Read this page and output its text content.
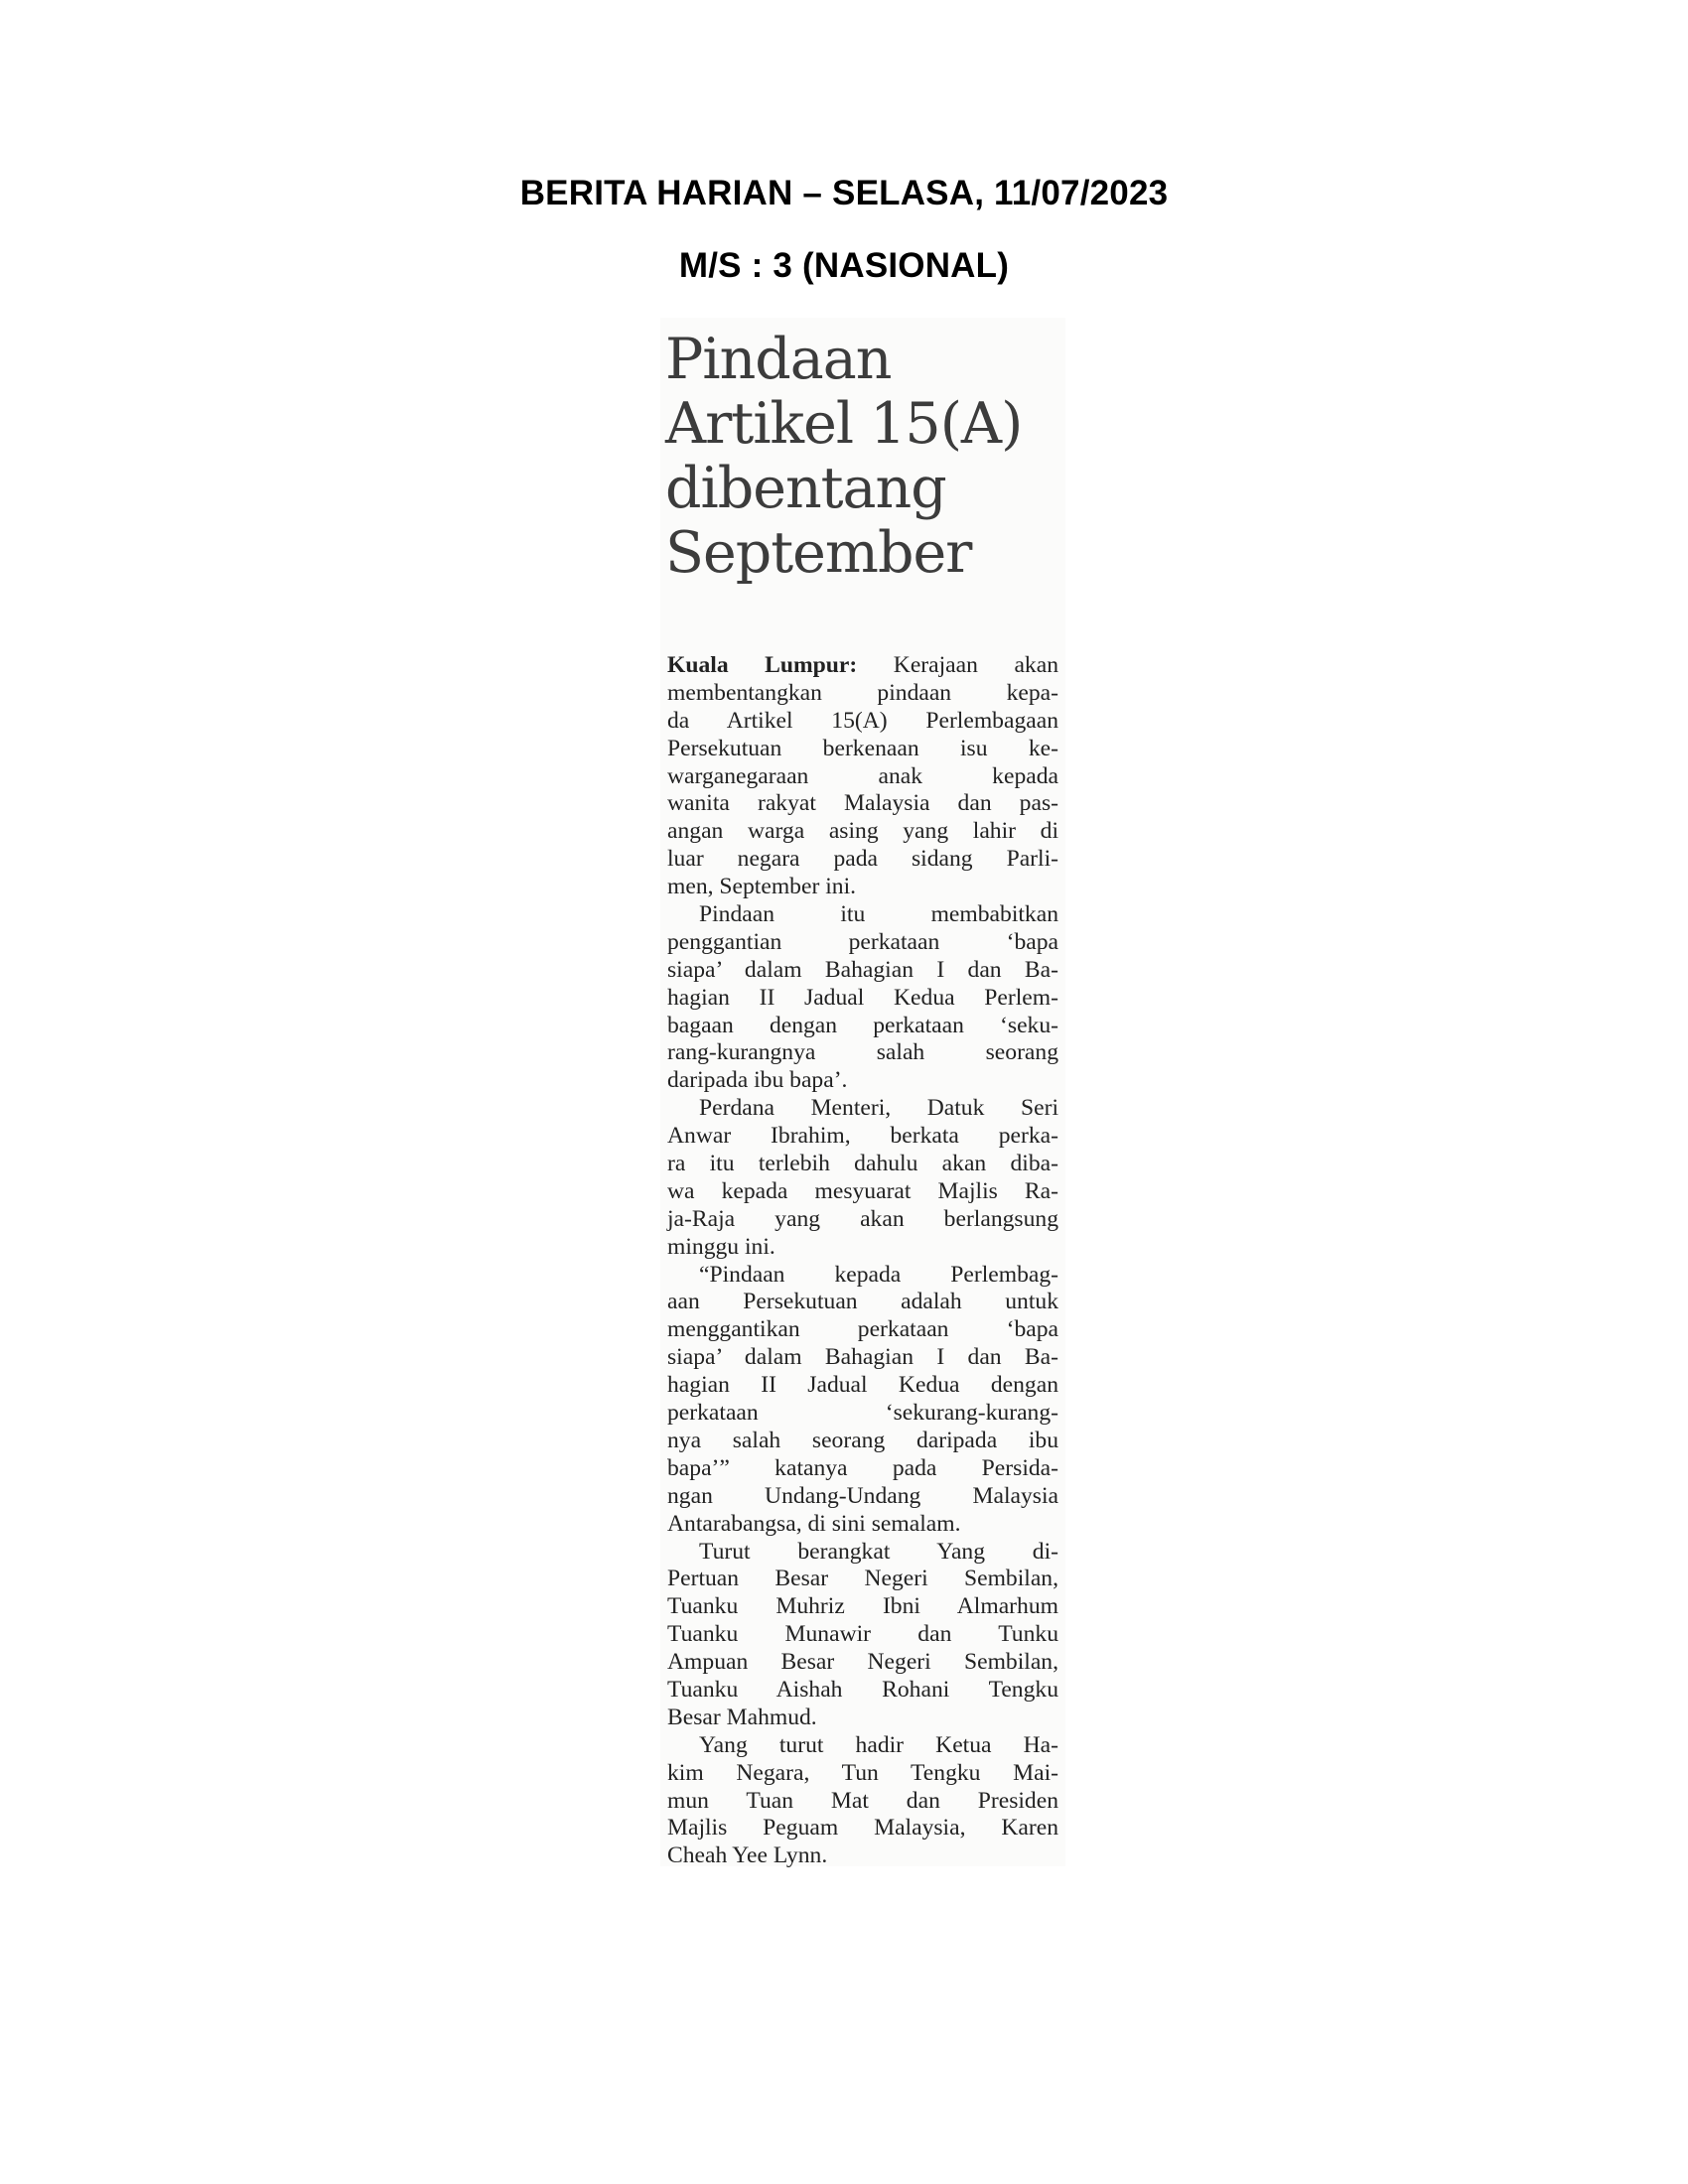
BERITA HARIAN – SELASA, 11/07/2023
M/S : 3 (NASIONAL)
Pindaan
Artikel 15(A)
dibentang
September
Kuala Lumpur: Kerajaan akan
membentangkan pindaan kepa-
da Artikel 15(A) Perlembagaan
Persekutuan berkenaan isu ke-
warganegaraan anak kepada
wanita rakyat Malaysia dan pas-
angan warga asing yang lahir di
luar negara pada sidang Parli-
men, September ini.
Pindaan itu membabitkan
penggantian perkataan ‘bapa
siapa’ dalam Bahagian I dan Ba-
hagian II Jadual Kedua Perlem-
bagaan dengan perkataan ‘seku-
rang-kurangnya salah seorang
daripada ibu bapa’.
Perdana Menteri, Datuk Seri
Anwar Ibrahim, berkata perka-
ra itu terlebih dahulu akan diba-
wa kepada mesyuarat Majlis Ra-
ja-Raja yang akan berlangsung
minggu ini.
“Pindaan kepada Perlembag-
aan Persekutuan adalah untuk
menggantikan perkataan ‘bapa
siapa’ dalam Bahagian I dan Ba-
hagian II Jadual Kedua dengan
perkataan ‘sekurang-kurang-
nya salah seorang daripada ibu
bapa’” katanya pada Persida-
ngan Undang-Undang Malaysia
Antarabangsa, di sini semalam.
Turut berangkat Yang di-
Pertuan Besar Negeri Sembilan,
Tuanku Muhriz Ibni Almarhum
Tuanku Munawir dan Tunku
Ampuan Besar Negeri Sembilan,
Tuanku Aishah Rohani Tengku
Besar Mahmud.
Yang turut hadir Ketua Ha-
kim Negara, Tun Tengku Mai-
mun Tuan Mat dan Presiden
Majlis Peguam Malaysia, Karen
Cheah Yee Lynn.
